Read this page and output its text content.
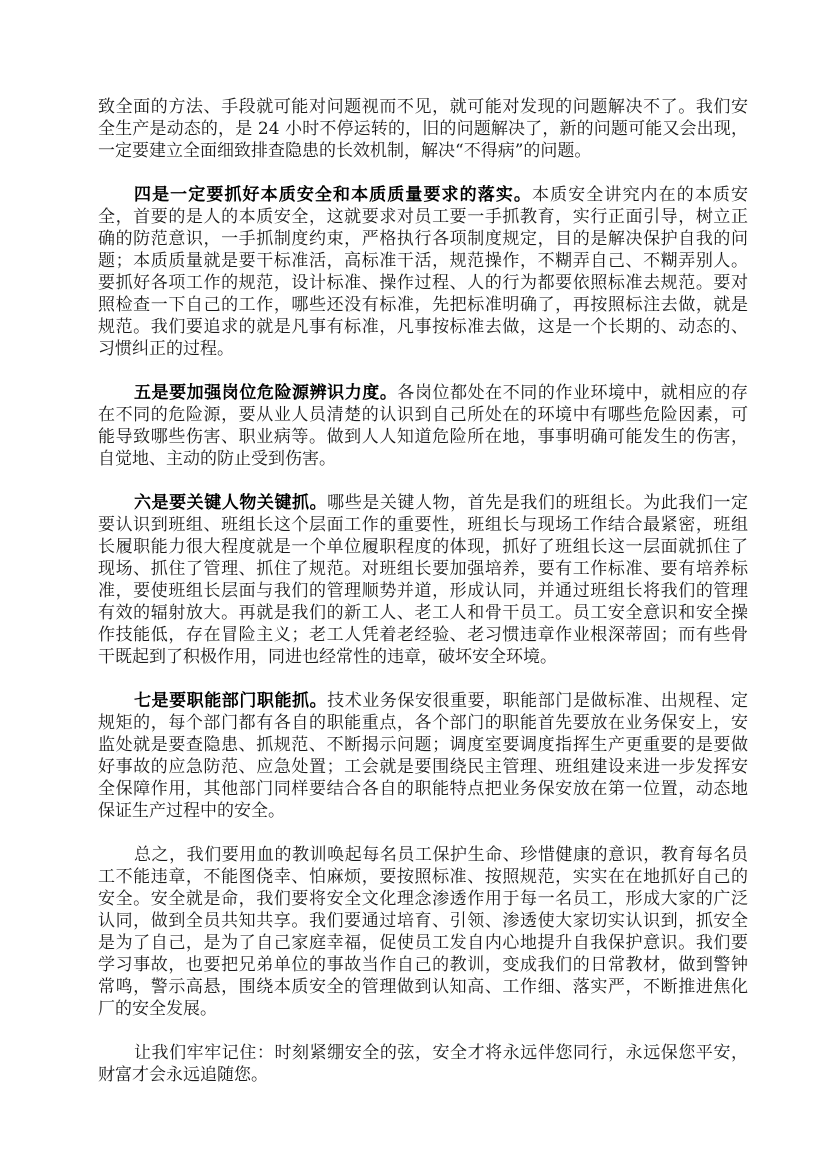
致全面的方法、手段就可能对问题视而不见，就可能对发现的问题解决不了。我们安
全生产是动态的，是 24 小时不停运转的，旧的问题解决了，新的问题可能又会出现，
一定要建立全面细致排查隐患的长效机制，解决“不得病”的问题。
四是一定要抓好本质安全和本质质量要求的落实。本质安全讲究内在的本质安
全，首要的是人的本质安全，这就要求对员工要一手抓教育，实行正面引导，树立正
确的防范意识，一手抓制度约束，严格执行各项制度规定，目的是解决保护自我的问
题；本质质量就是要干标准活，高标准干活，规范操作，不糊弄自己、不糊弄别人。
要抓好各项工作的规范，设计标准、操作过程、人的行为都要依照标准去规范。要对
照检查一下自己的工作，哪些还没有标准，先把标准明确了，再按照标注去做，就是
规范。我们要追求的就是凡事有标准，凡事按标准去做，这是一个长期的、动态的、
习惯纠正的过程。
五是要加强岗位危险源辨识力度。各岗位都处在不同的作业环境中，就相应的存
在不同的危险源，要从业人员清楚的认识到自己所处在的环境中有哪些危险因素，可
能导致哪些伤害、职业病等。做到人人知道危险所在地，事事明确可能发生的伤害，
自觉地、主动的防止受到伤害。
六是要关键人物关键抓。哪些是关键人物，首先是我们的班组长。为此我们一定
要认识到班组、班组长这个层面工作的重要性，班组长与现场工作结合最紧密，班组
长履职能力很大程度就是一个单位履职程度的体现，抓好了班组长这一层面就抓住了
现场、抓住了管理、抓住了规范。对班组长要加强培养，要有工作标准、要有培养标
准，要使班组长层面与我们的管理顺势并道，形成认同，并通过班组长将我们的管理
有效的辐射放大。再就是我们的新工人、老工人和骨干员工。员工安全意识和安全操
作技能低，存在冒险主义；老工人凭着老经验、老习惯违章作业根深蒂固；而有些骨
干既起到了积极作用，同进也经常性的违章，破坏安全环境。
七是要职能部门职能抓。技术业务保安很重要，职能部门是做标准、出规程、定
规矩的，每个部门都有各自的职能重点，各个部门的职能首先要放在业务保安上，安
监处就是要查隐患、抓规范、不断揭示问题；调度室要调度指挥生产更重要的是要做
好事故的应急防范、应急处置；工会就是要围绕民主管理、班组建设来进一步发挥安
全保障作用，其他部门同样要结合各自的职能特点把业务保安放在第一位置，动态地
保证生产过程中的安全。
总之，我们要用血的教训唤起每名员工保护生命、珍惜健康的意识，教育每名员
工不能违章，不能图侥幸、怕麻烦，要按照标准、按照规范，实实在在地抓好自己的
安全。安全就是命，我们要将安全文化理念渗透作用于每一名员工，形成大家的广泛
认同，做到全员共知共享。我们要通过培育、引领、渗透使大家切实认识到，抓安全
是为了自己，是为了自己家庭幸福，促使员工发自内心地提升自我保护意识。我们要
学习事故，也要把兄弟单位的事故当作自己的教训，变成我们的日常教材，做到警钟
常鸣，警示高悬，围绕本质安全的管理做到认知高、工作细、落实严，不断推进焦化
厂的安全发展。
让我们牢牢记住：时刻紧绷安全的弦，安全才将永远伴您同行，永远保您平安，
财富才会永远追随您。
